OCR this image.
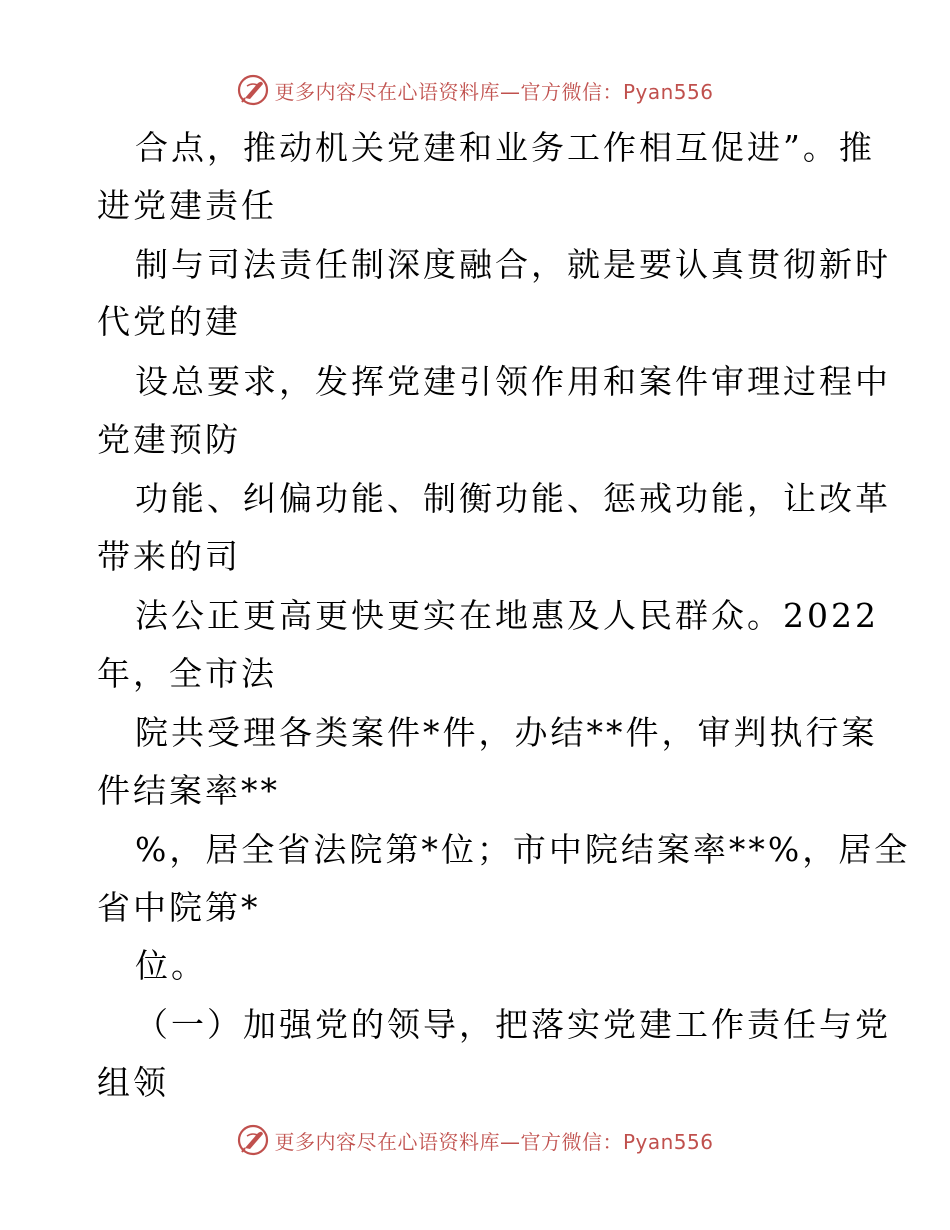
更多内容尽在心语资料库—官方微信：Pyan556
合点，推动机关党建和业务工作相互促进”。推
进党建责任
制与司法责任制深度融合，就是要认真贯彻新时
代党的建
设总要求，发挥党建引领作用和案件审理过程中
党建预防
功能、纠偏功能、制衡功能、惩戒功能，让改革
带来的司
法公正更高更快更实在地惠及人民群众。2022
年，全市法
院共受理各类案件*件，办结**件，审判执行案
件结案率**
%，居全省法院第*位；市中院结案率**%，居全
省中院第*
位。
（一）加强党的领导，把落实党建工作责任与党
组领
更多内容尽在心语资料库—官方微信：Pyan556
